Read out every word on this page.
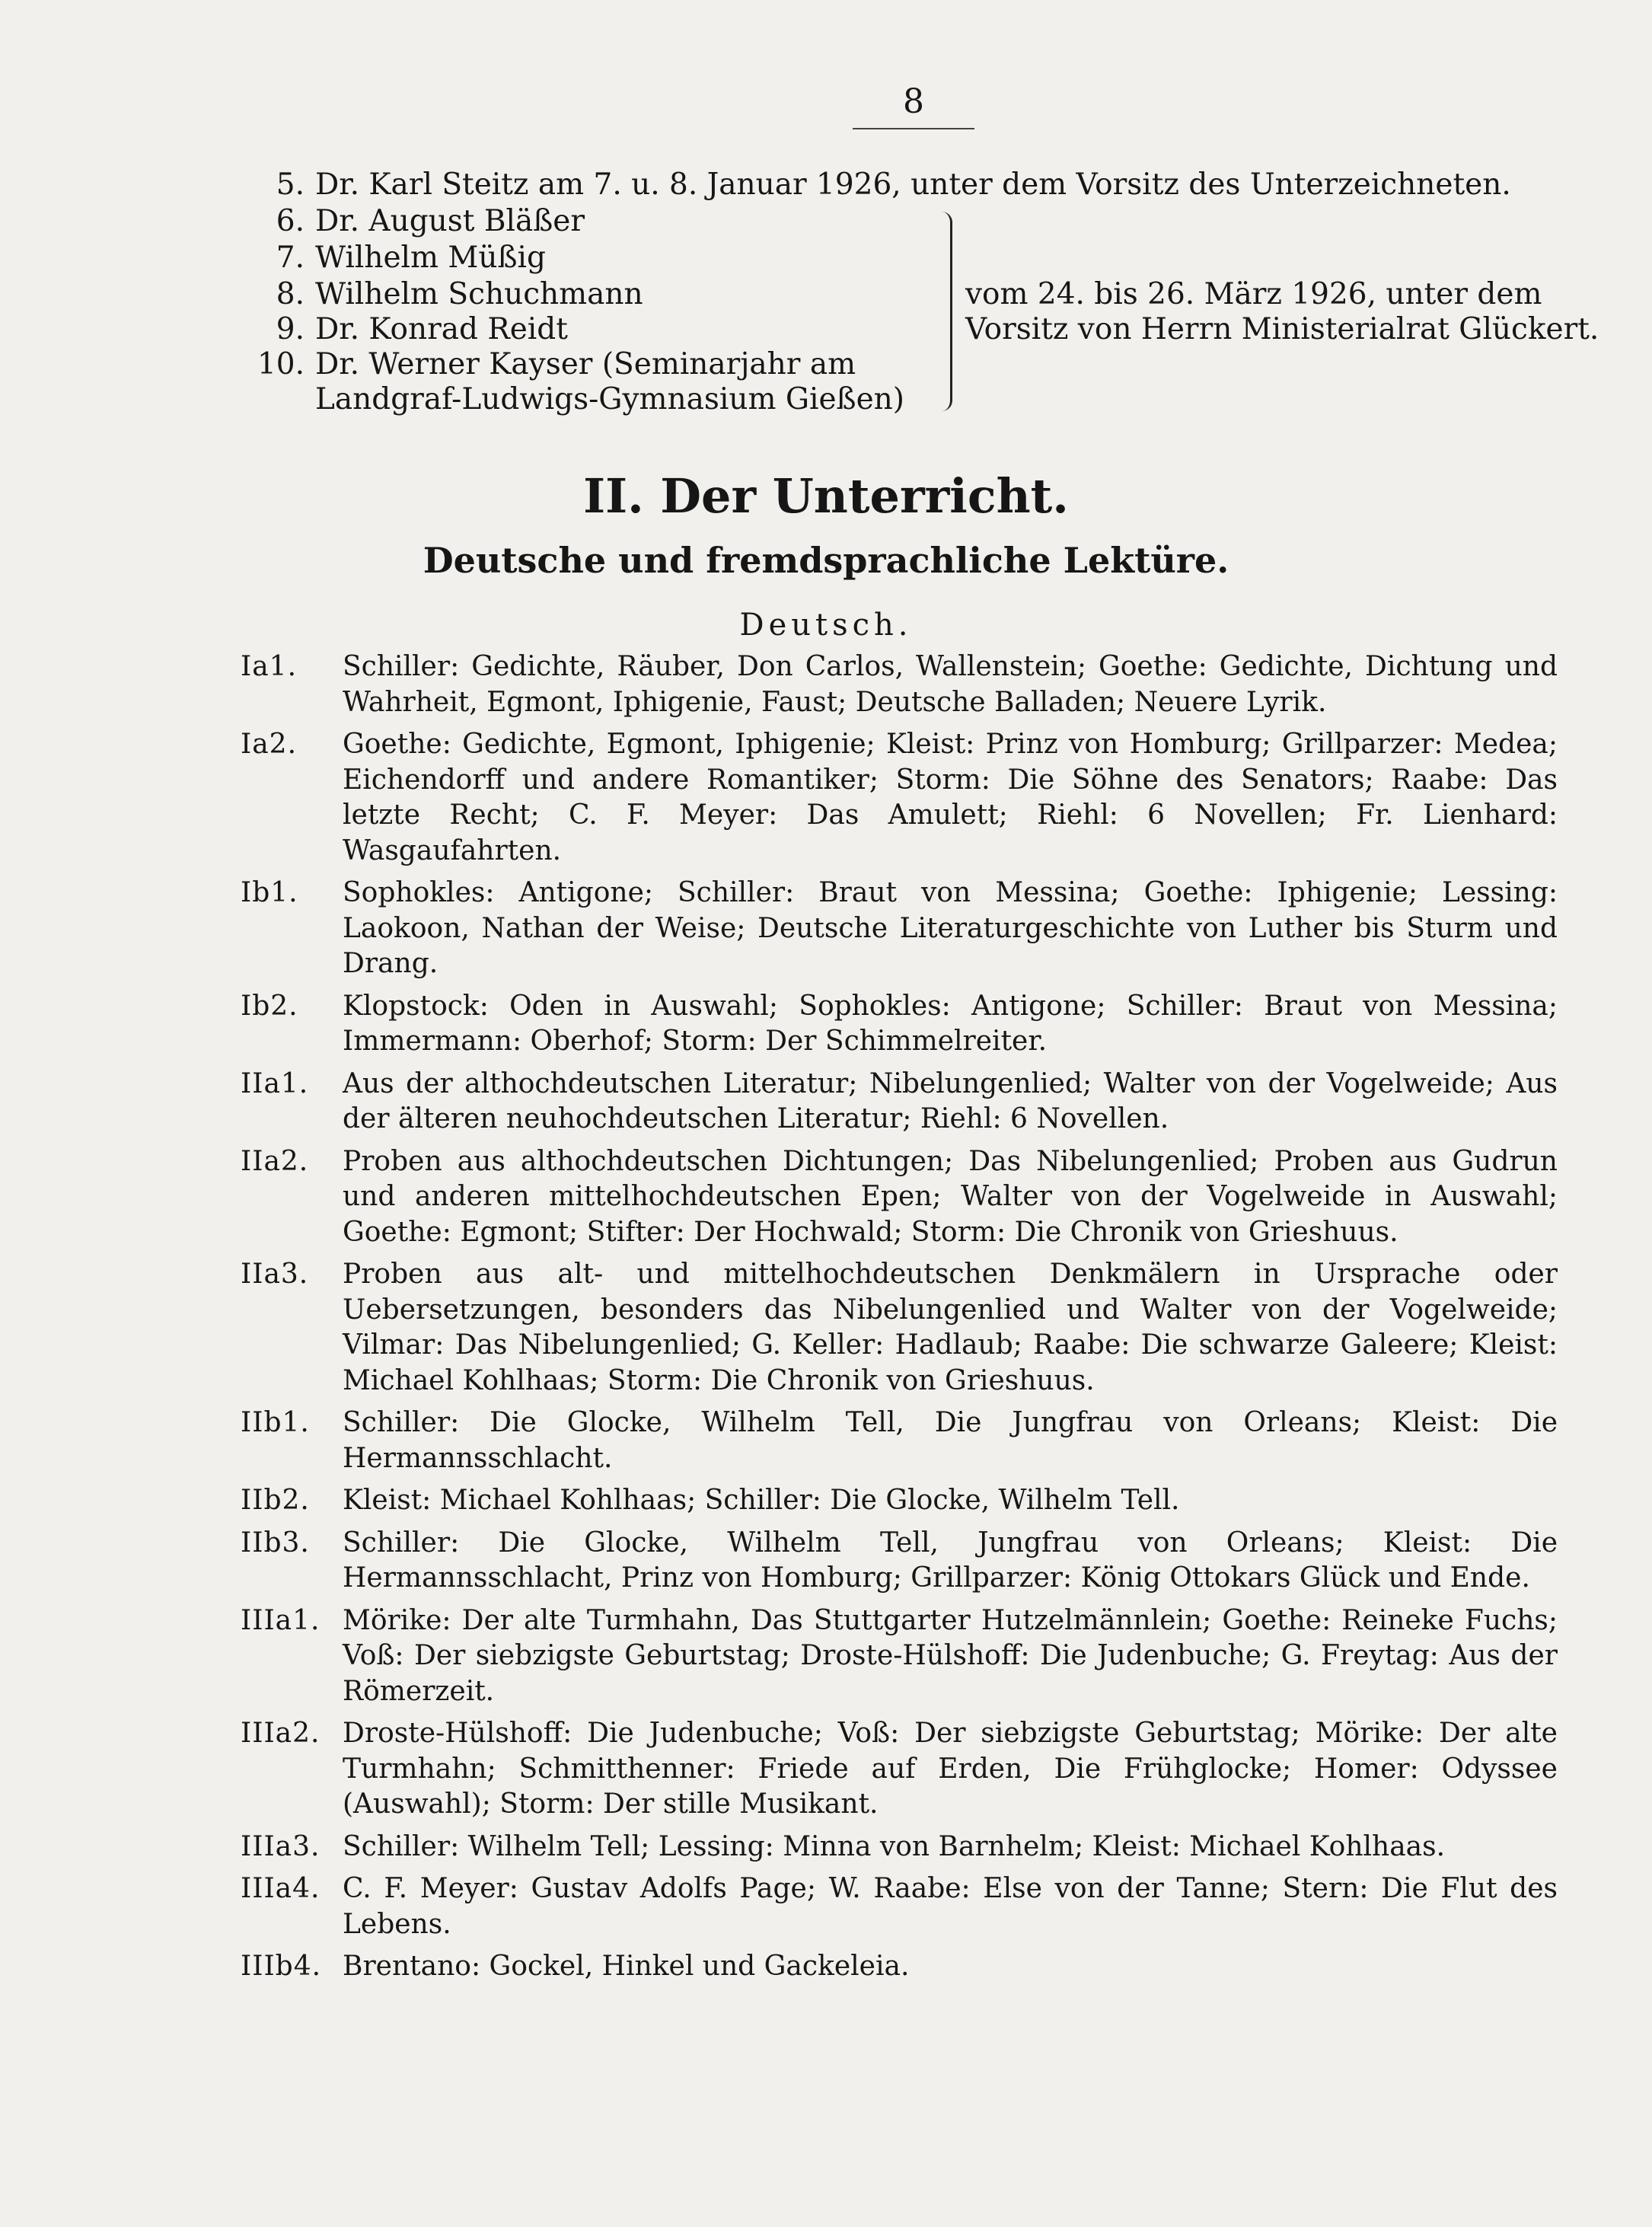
8
5. Dr. Karl Steitz am 7. u. 8. Januar 1926, unter dem Vorsitz des Unterzeichneten.
6. Dr. August Bläßer
7. Wilhelm Müßig
8. Wilhelm Schuchmann
9. Dr. Konrad Reidt
10. Dr. Werner Kayser (Seminarjahr am
Landgraf-Ludwigs-Gymnasium Gießen)
vom 24. bis 26. März 1926, unter dem
Vorsitz von Herrn Ministerialrat Glückert.
II. Der Unterricht.
Deutsche und fremdsprachliche Lektüre.
Deutsch.
Ia1.	Schiller: Gedichte, Räuber, Don Carlos, Wallenstein; Goethe: Gedichte, Dichtung und Wahrheit, Egmont, Iphigenie, Faust; Deutsche Balladen; Neuere Lyrik.
Ia2.	Goethe: Gedichte, Egmont, Iphigenie; Kleist: Prinz von Homburg; Grillparzer: Medea; Eichendorff und andere Romantiker; Storm: Die Söhne des Senators; Raabe: Das letzte Recht; C. F. Meyer: Das Amulett; Riehl: 6 Novellen; Fr. Lienhard: Wasgaufahrten.
Ib1.	Sophokles: Antigone; Schiller: Braut von Messina; Goethe: Iphigenie; Lessing: Laokoon, Nathan der Weise; Deutsche Literaturgeschichte von Luther bis Sturm und Drang.
Ib2.	Klopstock: Oden in Auswahl; Sophokles: Antigone; Schiller: Braut von Messina; Immermann: Oberhof; Storm: Der Schimmelreiter.
IIa1.	Aus der althochdeutschen Literatur; Nibelungenlied; Walter von der Vogelweide; Aus der älteren neuhochdeutschen Literatur; Riehl: 6 Novellen.
IIa2.	Proben aus althochdeutschen Dichtungen; Das Nibelungenlied; Proben aus Gudrun und anderen mittelhochdeutschen Epen; Walter von der Vogelweide in Auswahl; Goethe: Egmont; Stifter: Der Hochwald; Storm: Die Chronik von Grieshuus.
IIa3.	Proben aus alt- und mittelhochdeutschen Denkmälern in Ursprache oder Uebersetzungen, besonders das Nibelungenlied und Walter von der Vogelweide; Vilmar: Das Nibelungenlied; G. Keller: Hadlaub; Raabe: Die schwarze Galeere; Kleist: Michael Kohlhaas; Storm: Die Chronik von Grieshuus.
IIb1.	Schiller: Die Glocke, Wilhelm Tell, Die Jungfrau von Orleans; Kleist: Die Hermannsschlacht.
IIb2.	Kleist: Michael Kohlhaas; Schiller: Die Glocke, Wilhelm Tell.
IIb3.	Schiller: Die Glocke, Wilhelm Tell, Jungfrau von Orleans; Kleist: Die Hermannsschlacht, Prinz von Homburg; Grillparzer: König Ottokars Glück und Ende.
IIIa1. Mörike: Der alte Turmhahn, Das Stuttgarter Hutzelmännlein; Goethe: Reineke Fuchs; Voß: Der siebzigste Geburtstag; Droste-Hülshoff: Die Judenbuche; G. Freytag: Aus der Römerzeit.
IIIa2. Droste-Hülshoff: Die Judenbuche; Voß: Der siebzigste Geburtstag; Mörike: Der alte Turmhahn; Schmitthenner: Friede auf Erden, Die Frühglocke; Homer: Odyssee (Auswahl); Storm: Der stille Musikant.
IIIa3. Schiller: Wilhelm Tell; Lessing: Minna von Barnhelm; Kleist: Michael Kohlhaas.
IIIa4. C. F. Meyer: Gustav Adolfs Page; W. Raabe: Else von der Tanne; Stern: Die Flut des Lebens.
IIIb4. Brentano: Gockel, Hinkel und Gackeleia.
